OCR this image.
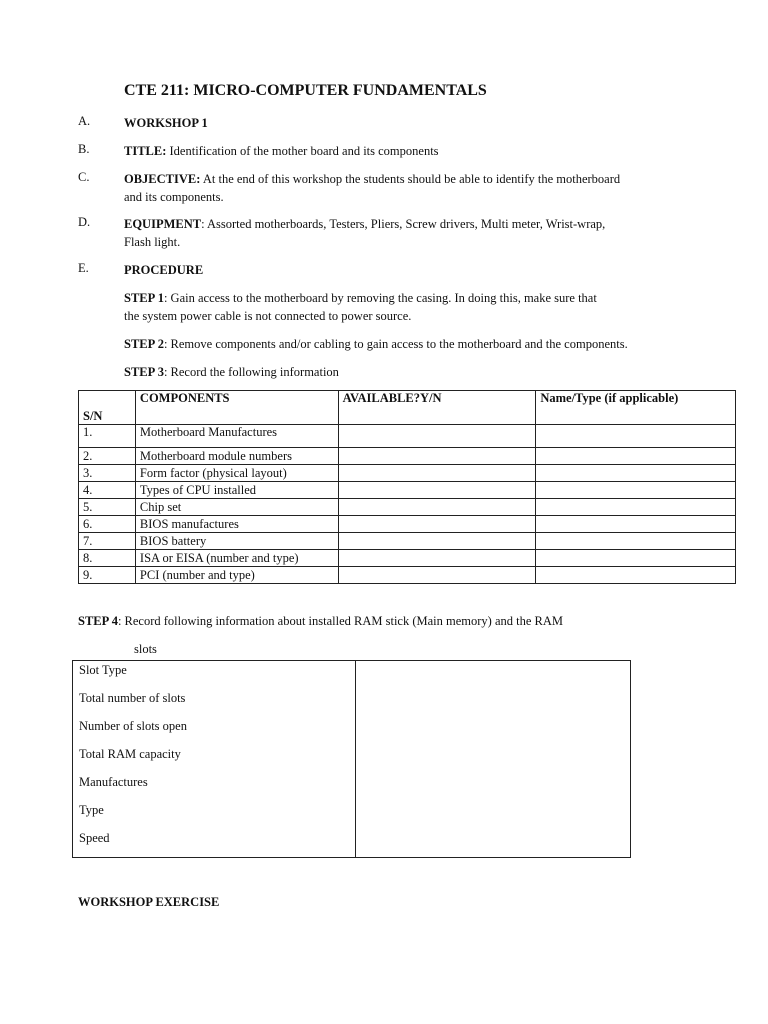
CTE 211: MICRO-COMPUTER FUNDAMENTALS
A.	WORKSHOP 1
B.	TITLE: Identification of the mother board and its components
C.	OBJECTIVE: At the end of this workshop the students should be able to identify the motherboard
and its components.
D.	EQUIPMENT: Assorted motherboards, Testers, Pliers, Screw drivers, Multi meter, Wrist-wrap,
Flash light.
E.	PROCEDURE
STEP 1: Gain access to the motherboard by removing the casing. In doing this, make sure that
the system power cable is not connected to power source.
STEP 2: Remove components and/or cabling to gain access to the motherboard and the components.
STEP 3: Record the following information
S/N	COMPONENTS	AVAILABLE?Y/N	Name/Type (if applicable)
1.	Motherboard Manufactures		
2.	Motherboard module numbers		
3.	Form factor (physical layout)		
4.	Types of CPU installed		
5.	Chip set		
6.	BIOS manufactures		
7.	BIOS battery		
8.	ISA or EISA (number and type)		
9.	PCI (number and type)		
STEP 4: Record following information about installed RAM stick (Main memory) and the RAM
slots
Slot Type
Total number of slots
Number of slots open
Total RAM capacity
Manufactures
Type
Speed

WORKSHOP EXERCISE
